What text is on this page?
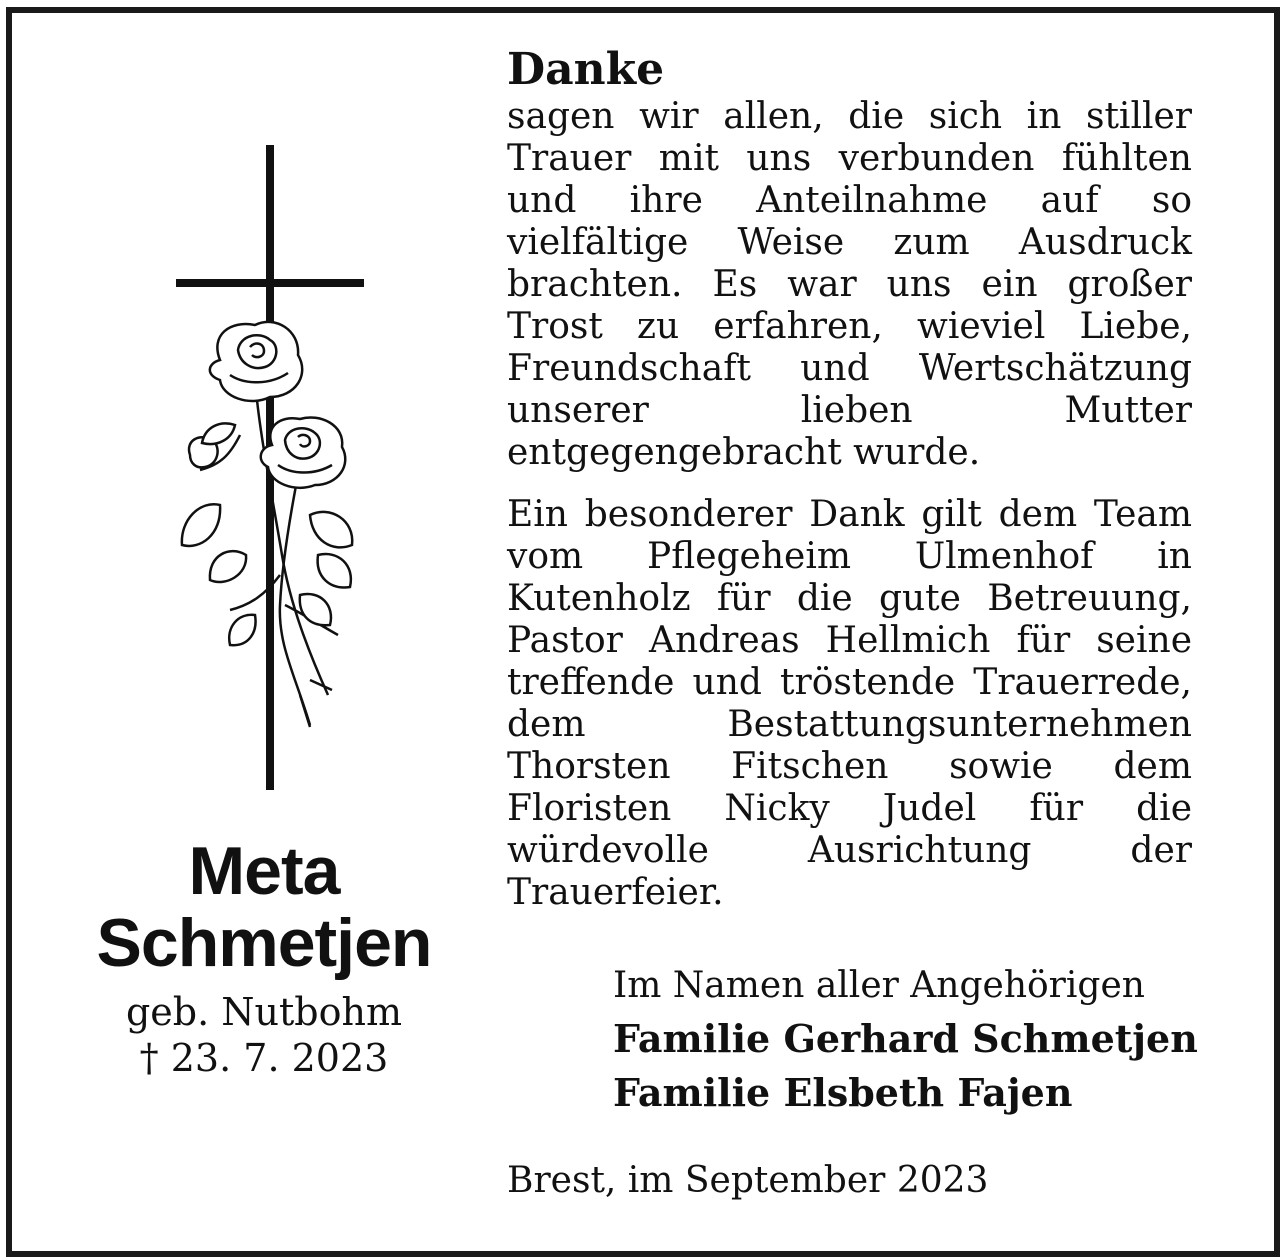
Meta
Schmetjen
geb. Nutbohm
† 23. 7. 2023
Danke

sagen wir allen, die sich in stiller Trauer mit uns verbunden fühlten und ihre Anteilnahme auf so vielfältige Weise zum Ausdruck brachten. Es war uns ein großer Trost zu erfahren, wieviel Liebe, Freundschaft und Wertschätzung unserer lieben Mutter entgegengebracht wurde.

Ein besonderer Dank gilt dem Team vom Pflegeheim Ulmenhof in Kutenholz für die gute Betreuung, Pastor Andreas Hellmich für seine treffende und tröstende Trauerrede, dem Bestattungsunternehmen Thorsten Fitschen sowie dem Floristen Nicky Judel für die würdevolle Ausrichtung der Trauerfeier.

Im Namen aller Angehörigen
Familie Gerhard Schmetjen
Familie Elsbeth Fajen
Brest, im September 2023
